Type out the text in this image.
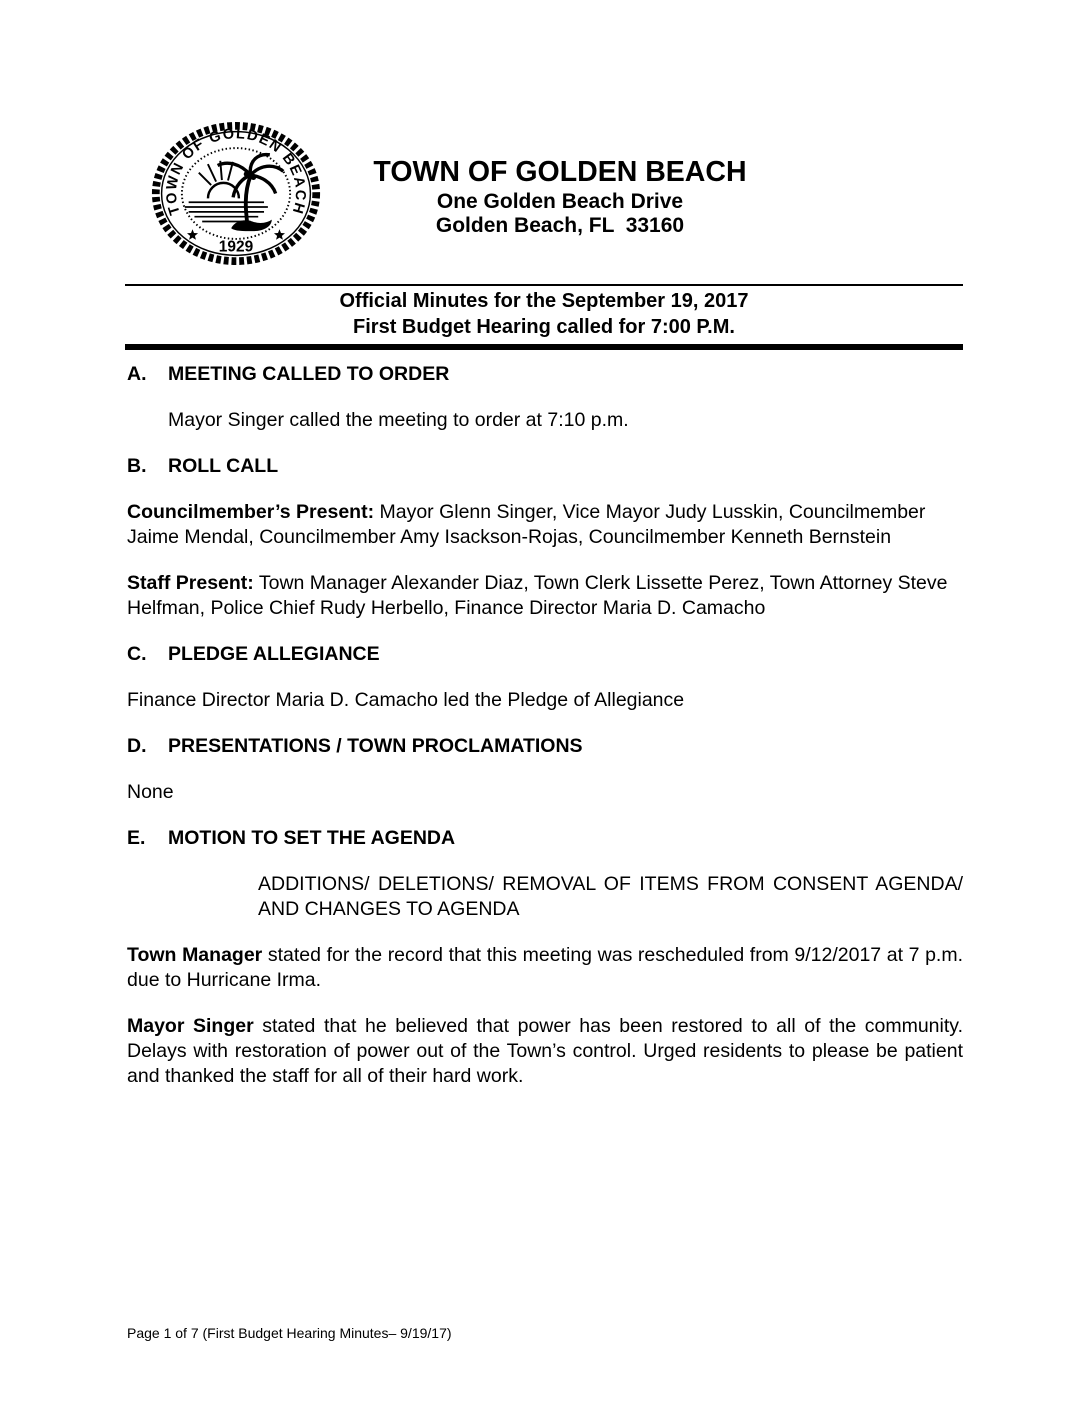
TOWN OF GOLDEN BEACH
1929
TOWN OF GOLDEN BEACH
One Golden Beach Drive
Golden Beach, FL  33160
Official Minutes for the September 19, 2017
First Budget Hearing called for 7:00 P.M.
A. MEETING CALLED TO ORDER

Mayor Singer called the meeting to order at 7:10 p.m.

B. ROLL CALL

Councilmember’s Present: Mayor Glenn Singer, Vice Mayor Judy Lusskin, Councilmember Jaime Mendal, Councilmember Amy Isackson-Rojas, Councilmember Kenneth Bernstein

Staff Present: Town Manager Alexander Diaz, Town Clerk Lissette Perez, Town Attorney Steve Helfman, Police Chief Rudy Herbello, Finance Director Maria D. Camacho

C. PLEDGE ALLEGIANCE

Finance Director Maria D. Camacho led the Pledge of Allegiance

D. PRESENTATIONS / TOWN PROCLAMATIONS

None

E. MOTION TO SET THE AGENDA

ADDITIONS/ DELETIONS/ REMOVAL OF ITEMS FROM CONSENT AGENDA/ AND CHANGES TO AGENDA

Town Manager stated for the record that this meeting was rescheduled from 9/12/2017 at 7 p.m. due to Hurricane Irma.

Mayor Singer stated that he believed that power has been restored to all of the community. Delays with restoration of power out of the Town’s control. Urged residents to please be patient and thanked the staff for all of their hard work.

Page 1 of 7 (First Budget Hearing Minutes– 9/19/17)
